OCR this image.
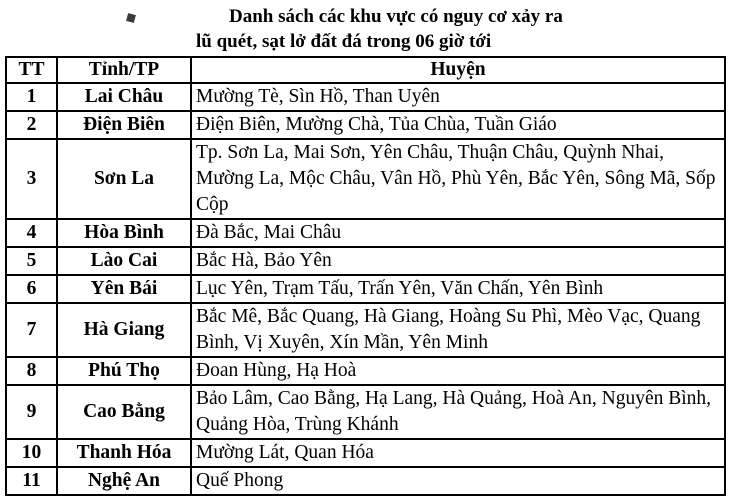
Danh sách các khu vực có nguy cơ xảy ra
lũ quét, sạt lở đất đá trong 06 giờ tới
TT	Tỉnh/TP	Huyện
1	Lai Châu	Mường Tè, Sìn Hồ, Than Uyên
2	Điện Biên	Điện Biên, Mường Chà, Tủa Chùa, Tuần Giáo
3	Sơn La	Tp. Sơn La, Mai Sơn, Yên Châu, Thuận Châu, Quỳnh Nhai, Mường La, Mộc Châu, Vân Hồ, Phù Yên, Bắc Yên, Sông Mã, Sốp Cộp
4	Hòa Bình	Đà Bắc, Mai Châu
5	Lào Cai	Bắc Hà, Bảo Yên
6	Yên Bái	Lục Yên, Trạm Tấu, Trấn Yên, Văn Chấn, Yên Bình
7	Hà Giang	Bắc Mê, Bắc Quang, Hà Giang, Hoàng Su Phì, Mèo Vạc, Quang Bình, Vị Xuyên, Xín Mần, Yên Minh
8	Phú Thọ	Đoan Hùng, Hạ Hoà
9	Cao Bằng	Bảo Lâm, Cao Bằng, Hạ Lang, Hà Quảng, Hoà An, Nguyên Bình, Quảng Hòa, Trùng Khánh
10	Thanh Hóa	Mường Lát, Quan Hóa
11	Nghệ An	Quế Phong
